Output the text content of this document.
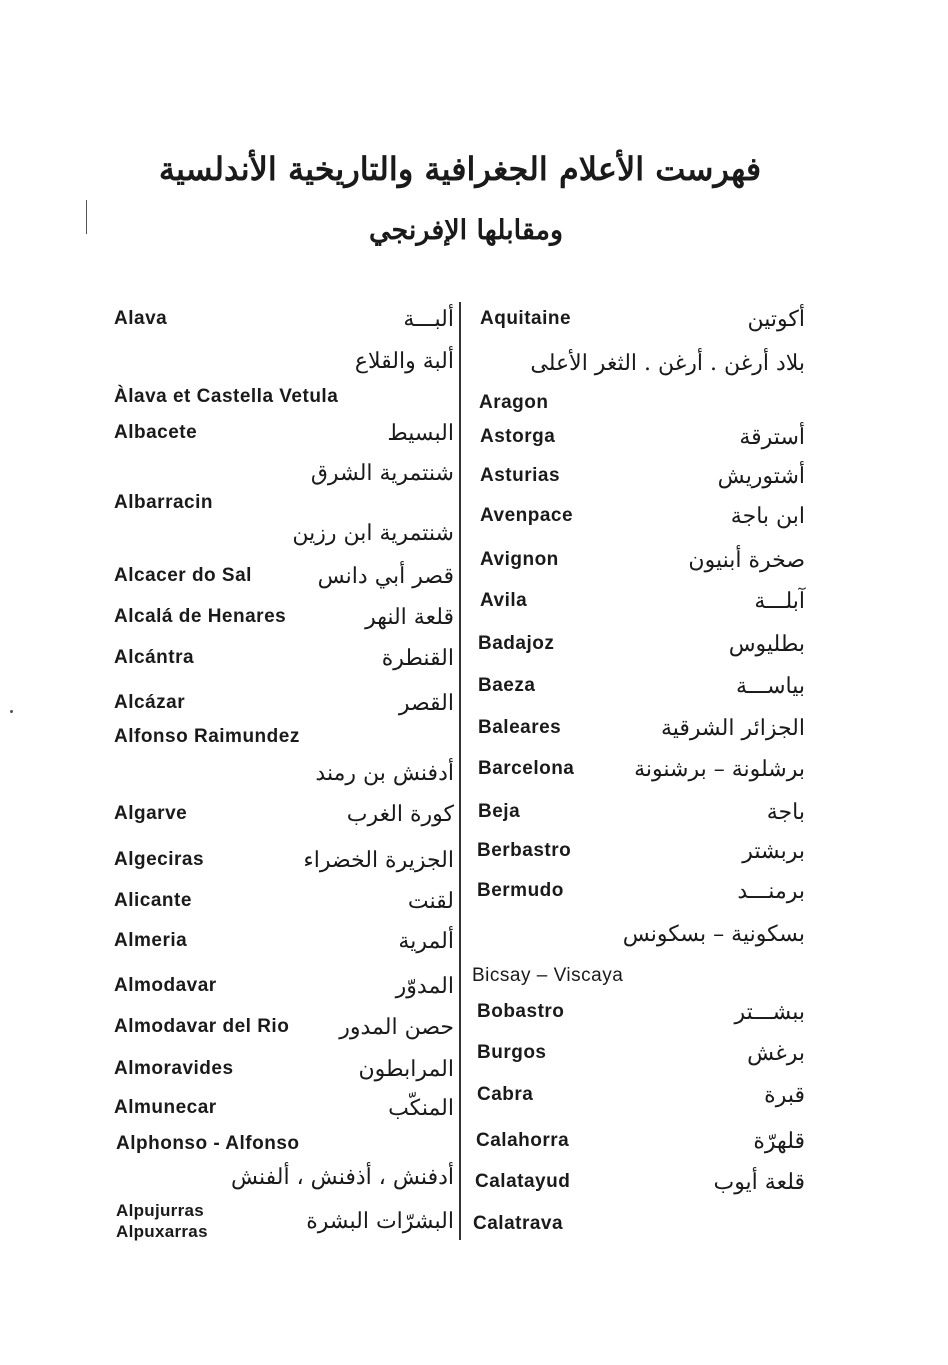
فهرست الأعلام الجغرافية والتاريخية الأندلسية
ومقابلها الإفرنجي
Alava	ألبـــة
ألبة والقلاع
Àlava et Castella Vetula
Albacete	البسيط
شنتمرية الشرق
Albarracin
شنتمرية ابن رزين
Alcacer do Sal	قصر أبي دانس
Alcalá de Henares	قلعة النهر
Alcántra	القنطرة
Alcázar	القصر
Alfonso Raimundez
أدفنش بن رمند
Algarve	كورة الغرب
Algeciras	الجزيرة الخضراء
Alicante	لقنت
Almeria	ألمرية
Almodavar	المدوّر
Almodavar del Rio حصن المدور
Almoravides	المرابطون
Almunecar	المنكّب
Alphonso - Alfonso
أدفنش ، أذفنش ، ألفنش
Alpujurras
Alpuxarras	البشرّات البشرة
Aquitaine	أكوتين
بلاد أرغن . أرغن . الثغر الأعلى
Aragon
Astorga	أسترقة
Asturias	أشتوريش
Avenpace	ابن باجة
Avignon	صخرة أبنيون
Avila	آبلـــة
Badajoz	بطليوس
Baeza	بياســـة
Baleares	الجزائر الشرقية
Barcelona	برشلونة – برشنونة
Beja	باجة
Berbastro	بربشتر
Bermudo	برمنـــد
بسكونية – بسكونس
Bicsay – Viscaya
Bobastro	ببشـــتر
Burgos	برغش
Cabra	قبرة
Calahorra	قلهرّة
Calatayud	قلعة أيوب
Calatrava
